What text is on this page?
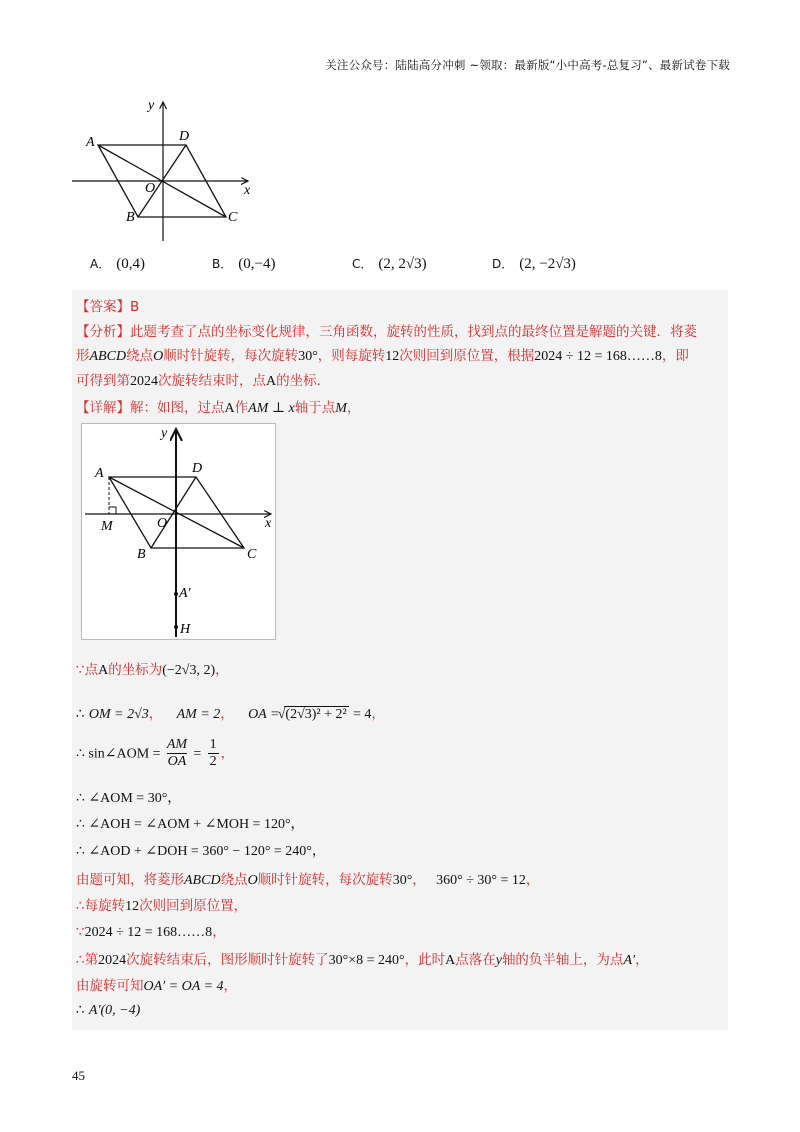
关注公众号：陆陆高分冲刺 ~领取：最新版“小中高考-总复习”、最新试卷下载
y
x
A	D
O
B	C
A． (0,4)	B． (0,−4)	C． (2, 2√3)	D． (2, −2√3)
【答案】B
【分析】此题考查了点的坐标变化规律，三角函数，旋转的性质，找到点的最终位置是解题的关键．将菱
形ABCD绕点O顺时针旋转，每次旋转30°，则每旋转12次则回到原位置，根据2024 ÷ 12 = 168……8，即
可得到第2024次旋转结束时，点A的坐标．
【详解】解：如图，过点A作AM ⊥ x轴于点M，
y
x
A	D
M	O
B	C
A′
H
∵点A的坐标为(−2√3, 2)，
∴ OM = 2√3， AM = 2， OA = √(2√3)² + 2² = 4，
∴ sin∠AOM = $\frac{AM}{OA} = \frac{1}{2}$ ，
∴ ∠AOM = 30°，
∴ ∠AOH = ∠AOM + ∠MOH = 120°，
∴ ∠AOD + ∠DOH = 360° − 120° = 240°，
由题可知，将菱形ABCD绕点O顺时针旋转，每次旋转30°， 360° ÷ 30° = 12，
∴每旋转12次则回到原位置，
∵2024 ÷ 12 = 168……8，
∴第2024次旋转结束后，图形顺时针旋转了30°×8 = 240°，此时A点落在y轴的负半轴上，为点A′，
由旋转可知OA′ = OA = 4，
∴ A′(0, −4)
45
